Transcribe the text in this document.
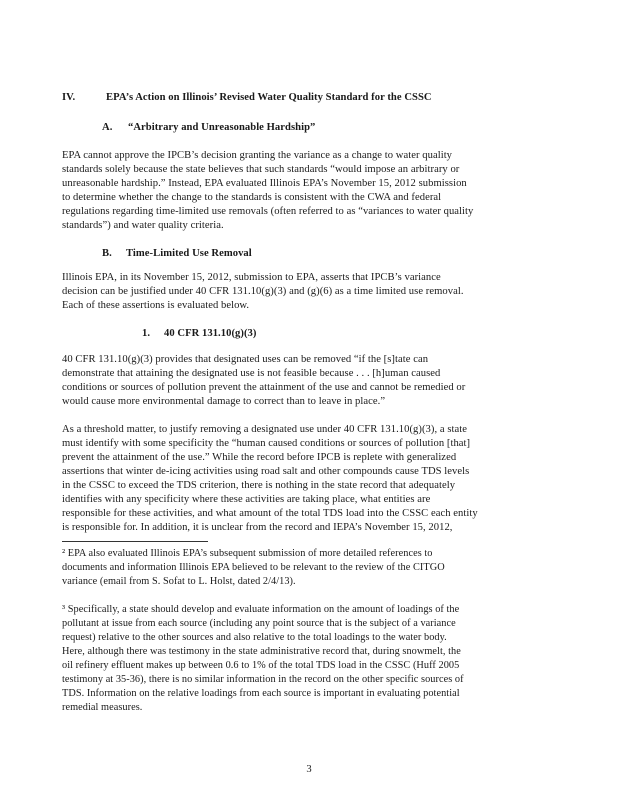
IV.	EPA’s Action on Illinois’ Revised Water Quality Standard for the CSSC
A. “Arbitrary and Unreasonable Hardship”
EPA cannot approve the IPCB’s decision granting the variance as a change to water quality
standards solely because the state believes that such standards “would impose an arbitrary or
unreasonable hardship.” Instead, EPA evaluated Illinois EPA’s November 15, 2012 submission
to determine whether the change to the standards is consistent with the CWA and federal
regulations regarding time-limited use removals (often referred to as “variances to water quality
standards”) and water quality criteria.
B. Time-Limited Use Removal
Illinois EPA, in its November 15, 2012, submission to EPA, asserts that IPCB’s variance
decision can be justified under 40 CFR 131.10(g)(3) and (g)(6) as a time limited use removal.
Each of these assertions is evaluated below.
1. 40 CFR 131.10(g)(3)
40 CFR 131.10(g)(3) provides that designated uses can be removed “if the [s]tate can
demonstrate that attaining the designated use is not feasible because . . . [h]uman caused
conditions or sources of pollution prevent the attainment of the use and cannot be remedied or
would cause more environmental damage to correct than to leave in place.”
As a threshold matter, to justify removing a designated use under 40 CFR 131.10(g)(3), a state
must identify with some specificity the “human caused conditions or sources of pollution [that]
prevent the attainment of the use.” While the record before IPCB is replete with generalized
assertions that winter de-icing activities using road salt and other compounds cause TDS levels
in the CSSC to exceed the TDS criterion, there is nothing in the state record that adequately
identifies with any specificity where these activities are taking place, what entities are
responsible for these activities, and what amount of the total TDS load into the CSSC each entity
is responsible for. In addition, it is unclear from the record and IEPA’s November 15, 2012,
² EPA also evaluated Illinois EPA’s subsequent submission of more detailed references to
documents and information Illinois EPA believed to be relevant to the review of the CITGO
variance (email from S. Sofat to L. Holst, dated 2/4/13).
³ Specifically, a state should develop and evaluate information on the amount of loadings of the
pollutant at issue from each source (including any point source that is the subject of a variance
request) relative to the other sources and also relative to the total loadings to the water body.
Here, although there was testimony in the state administrative record that, during snowmelt, the
oil refinery effluent makes up between 0.6 to 1% of the total TDS load in the CSSC (Huff 2005
testimony at 35-36), there is no similar information in the record on the other specific sources of
TDS. Information on the relative loadings from each source is important in evaluating potential
remedial measures.
3
